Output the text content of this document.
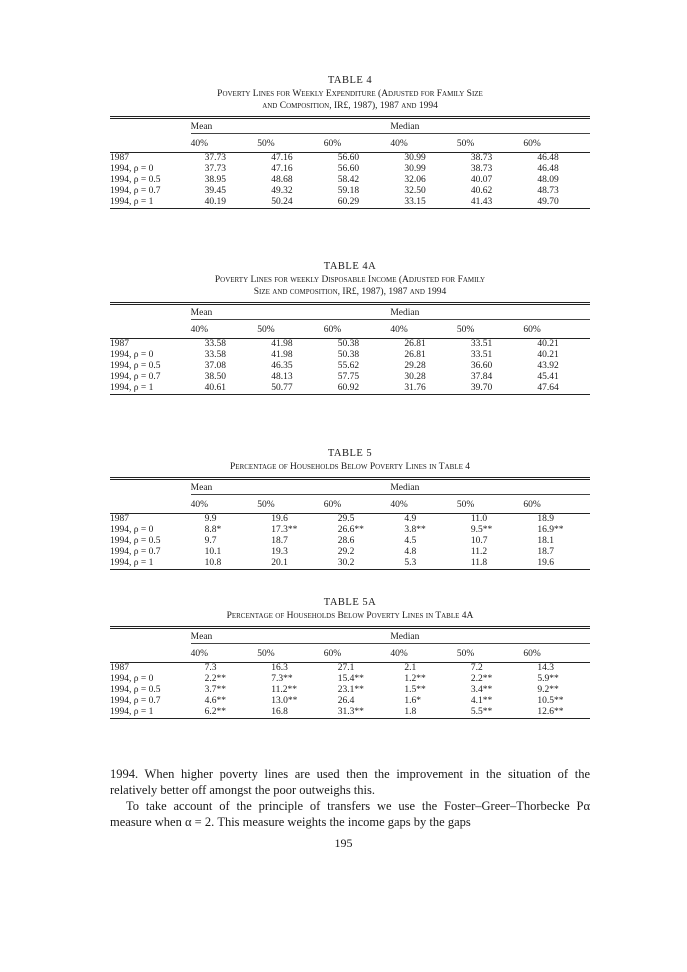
TABLE 4
Poverty Lines for Weekly Expenditure (Adjusted for Family Size
and Composition, IR£, 1987), 1987 and 1994

	Mean			Median		

	40%	50%	60%	40%	50%	60%
1987	37.73	47.16	56.60	30.99	38.73	46.48
1994, ρ = 0	37.73	47.16	56.60	30.99	38.73	46.48
1994, ρ = 0.5	38.95	48.68	58.42	32.06	40.07	48.09
1994, ρ = 0.7	39.45	49.32	59.18	32.50	40.62	48.73
1994, ρ = 1	40.19	50.24	60.29	33.15	41.43	49.70
TABLE 4A
Poverty Lines for weekly Disposable Income (Adjusted for Family
Size and composition, IR£, 1987), 1987 and 1994

	Mean			Median		

	40%	50%	60%	40%	50%	60%
1987	33.58	41.98	50.38	26.81	33.51	40.21
1994, ρ = 0	33.58	41.98	50.38	26.81	33.51	40.21
1994, ρ = 0.5	37.08	46.35	55.62	29.28	36.60	43.92
1994, ρ = 0.7	38.50	48.13	57.75	30.28	37.84	45.41
1994, ρ = 1	40.61	50.77	60.92	31.76	39.70	47.64
TABLE 5
Percentage of Households Below Poverty Lines in Table 4

	Mean			Median		

	40%	50%	60%	40%	50%	60%
1987	9.9	19.6	29.5	4.9	11.0	18.9
1994, ρ = 0	8.8*	17.3**	26.6**	3.8**	9.5**	16.9**
1994, ρ = 0.5	9.7	18.7	28.6	4.5	10.7	18.1
1994, ρ = 0.7	10.1	19.3	29.2	4.8	11.2	18.7
1994, ρ = 1	10.8	20.1	30.2	5.3	11.8	19.6
TABLE 5A
Percentage of Households Below Poverty Lines in Table 4A

	Mean			Median		

	40%	50%	60%	40%	50%	60%
1987	7.3	16.3	27.1	2.1	7.2	14.3
1994, ρ = 0	2.2**	7.3**	15.4**	1.2**	2.2**	5.9**
1994, ρ = 0.5	3.7**	11.2**	23.1**	1.5**	3.4**	9.2**
1994, ρ = 0.7	4.6**	13.0**	26.4	1.6*	4.1**	10.5**
1994, ρ = 1	6.2**	16.8	31.3**	1.8	5.5**	12.6**
1994. When higher poverty lines are used then the improvement in the situation of the relatively better off amongst the poor outweighs this.
To take account of the principle of transfers we use the Foster–Greer–Thorbecke Pα measure when α = 2. This measure weights the income gaps by the gaps
195
